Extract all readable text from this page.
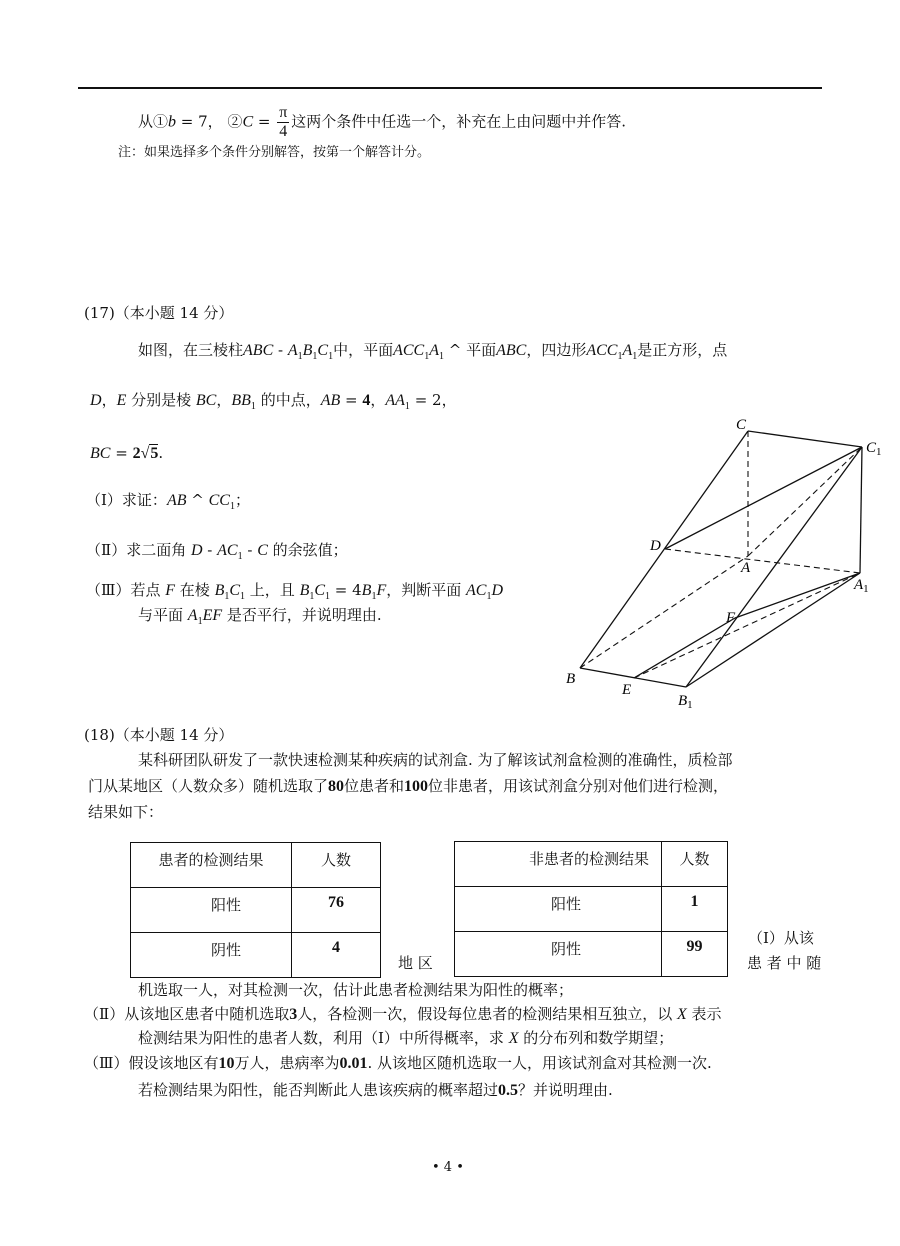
从①b = 7， ②C = $\frac{\pi}{4}$ 这两个条件中任选一个，补充在上由问题中并作答.
注：如果选择多个条件分别解答，按第一个解答计分。
(17)（本小题 14 分）
如图，在三棱柱ABC - $A_1B_1C_1$中，平面$ACC_1A_1$ ^ 平面ABC，四边形$ACC_1A_1$是正方形，点
D，E 分别是棱 BC，$BB_1$ 的中点，AB = 4，$AA_1 = 2$，
BC = 2√5.
（Ⅰ）求证：AB ^ $CC_1$；
（Ⅱ）求二面角 D - $AC_1$ - C 的余弦值；
（Ⅲ）若点 F 在棱 $B_1C_1$ 上，且 $B_1C_1 = 4B_1F$，判断平面 $AC_1D$
与平面 $A_1EF$ 是否平行，并说明理由.
C
$C_1$
D
A
$A_1$
B
E
F
$B_1$
(18)（本小题 14 分）
某科研团队研发了一款快速检测某种疾病的试剂盒. 为了解该试剂盒检测的准确性，质检部
门从某地区（人数众多）随机选取了80位患者和100位非患者，用该试剂盒分别对他们进行检测，
结果如下：
患者的检测结果	人数
阳性	76
阴性	4
非患者的检测结果	人数
阳性	1
阴性	99	（Ⅰ）从该
地 区	患 者 中 随
机选取一人，对其检测一次，估计此患者检测结果为阳性的概率；
（Ⅱ）从该地区患者中随机选取3人，各检测一次，假设每位患者的检测结果相互独立，以 X 表示
检测结果为阳性的患者人数，利用（Ⅰ）中所得概率，求 X 的分布列和数学期望；
（Ⅲ）假设该地区有10万人，患病率为0.01. 从该地区随机选取一人，用该试剂盒对其检测一次.
若检测结果为阳性，能否判断此人患该疾病的概率超过0.5？并说明理由.
• 4 •
